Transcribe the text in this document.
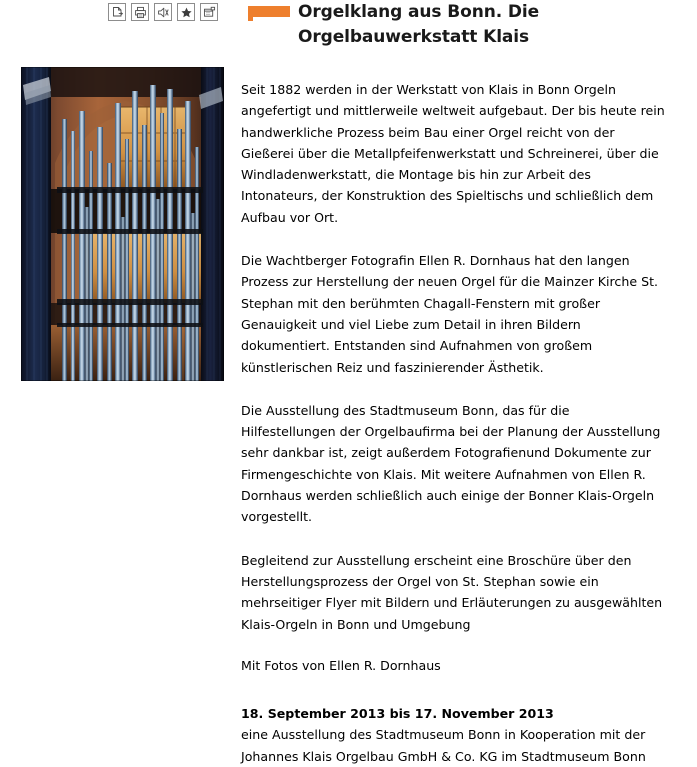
Orgelklang aus Bonn. Die Orgelbauwerkstatt Klais

Seit 1882 werden in der Werkstatt von Klais in Bonn Orgeln angefertigt und mittlerweile weltweit aufgebaut. Der bis heute rein handwerkliche Prozess beim Bau einer Orgel reicht von der Gießerei über die Metallpfeifenwerkstatt und Schreinerei, über die Windladenwerkstatt, die Montage bis hin zur Arbeit des Intonateurs, der Konstruktion des Spieltischs und schließlich dem Aufbau vor Ort.

Die Wachtberger Fotografin Ellen R. Dornhaus hat den langen Prozess zur Herstellung der neuen Orgel für die Mainzer Kirche St. Stephan mit den berühmten Chagall-Fenstern mit großer Genauigkeit und viel Liebe zum Detail in ihren Bildern dokumentiert. Entstanden sind Aufnahmen von großem künstlerischen Reiz und faszinierender Ästhetik.

Die Ausstellung des Stadtmuseum Bonn, das für die Hilfestellungen der Orgelbaufirma bei der Planung der Ausstellung sehr dankbar ist, zeigt außerdem Fotografienund Dokumente zur Firmengeschichte von Klais. Mit weitere Aufnahmen von Ellen R. Dornhaus werden schließlich auch einige der Bonner Klais-Orgeln vorgestellt.

Begleitend zur Ausstellung erscheint eine Broschüre über den Herstellungsprozess der Orgel von St. Stephan sowie ein mehrseitiger Flyer mit Bildern und Erläuterungen zu ausgewählten Klais-Orgeln in Bonn und Umgebung

Mit Fotos von Ellen R. Dornhaus

18. September 2013 bis 17. November 2013

eine Ausstellung des Stadtmuseum Bonn in Kooperation mit der Johannes Klais Orgelbau GmbH & Co. KG im Stadtmuseum Bonn
